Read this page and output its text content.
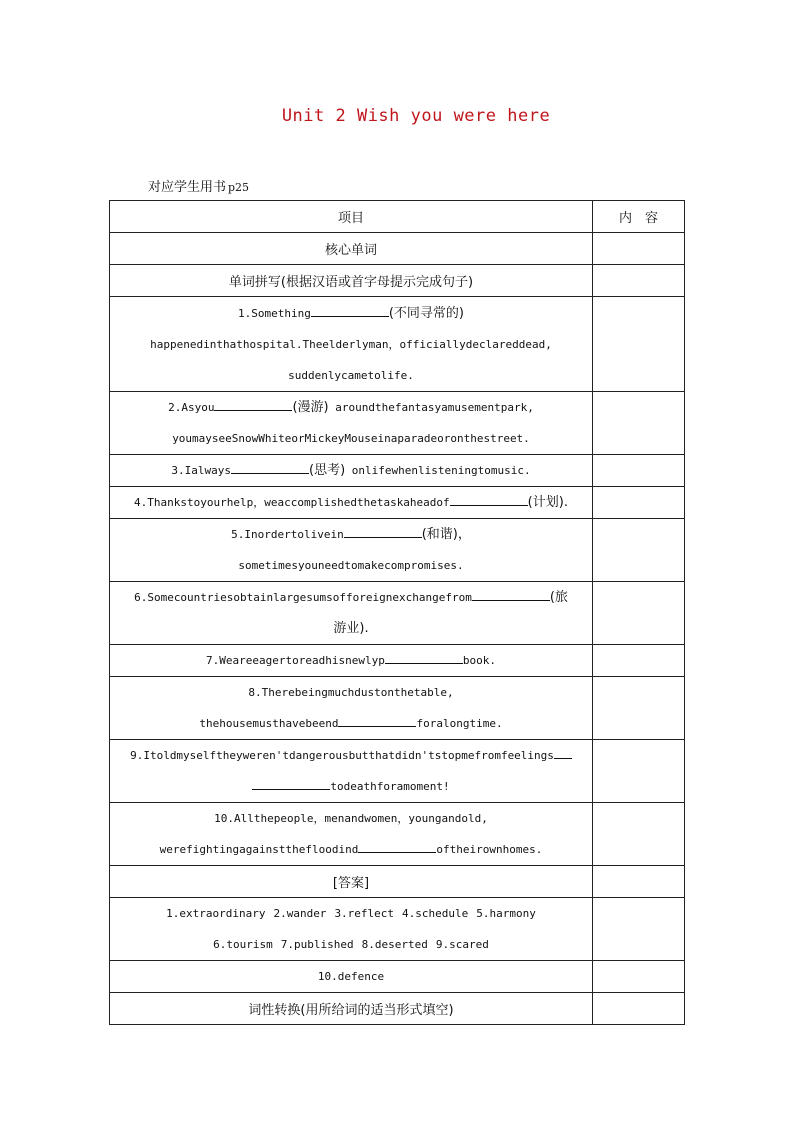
Unit 2 Wish you were here
对应学生用书 p25
项目	内　容
核心单词	
单词拼写(根据汉语或首字母提示完成句子)	

1.Something (不同寻常的)
happenedinthathospital.Theelderlyman，officiallydeclareddead,
suddenlycametolife.	

2.Asyou (漫游) aroundthefantasyamusementpark,
youmayseeSnowWhiteorMickeyMouseinaparadeoronthestreet.	

3.Ialways (思考) onlifewhenlisteningtomusic.	

4.Thankstoyourhelp，weaccomplishedthetaskaheadof (计划).	

5.Inordertolivein (和谐)，
sometimesyouneedtomakecompromises.	

6.Somecountriesobtainlargesumsofforeignexchangefrom (旅
游业).	

7.Weareeagertoreadhisnewlyp book.	

8.Therebeingmuchdustonthetable,
thehousemusthavebeend foralongtime.	

9.Itoldmyselftheyweren'tdangerousbutthatdidn'tstopmefromfeelings
todeathforamoment!	

10.Allthepeople，menandwomen，youngandold,
werefightingagainstthefloodind oftheirownhomes.	

[答案]	

1.extraordinary 2.wander 3.reflect 4.schedule 5.harmony
6.tourism 7.published 8.deserted 9.scared	

10.defence	
词性转换(用所给词的适当形式填空)	
